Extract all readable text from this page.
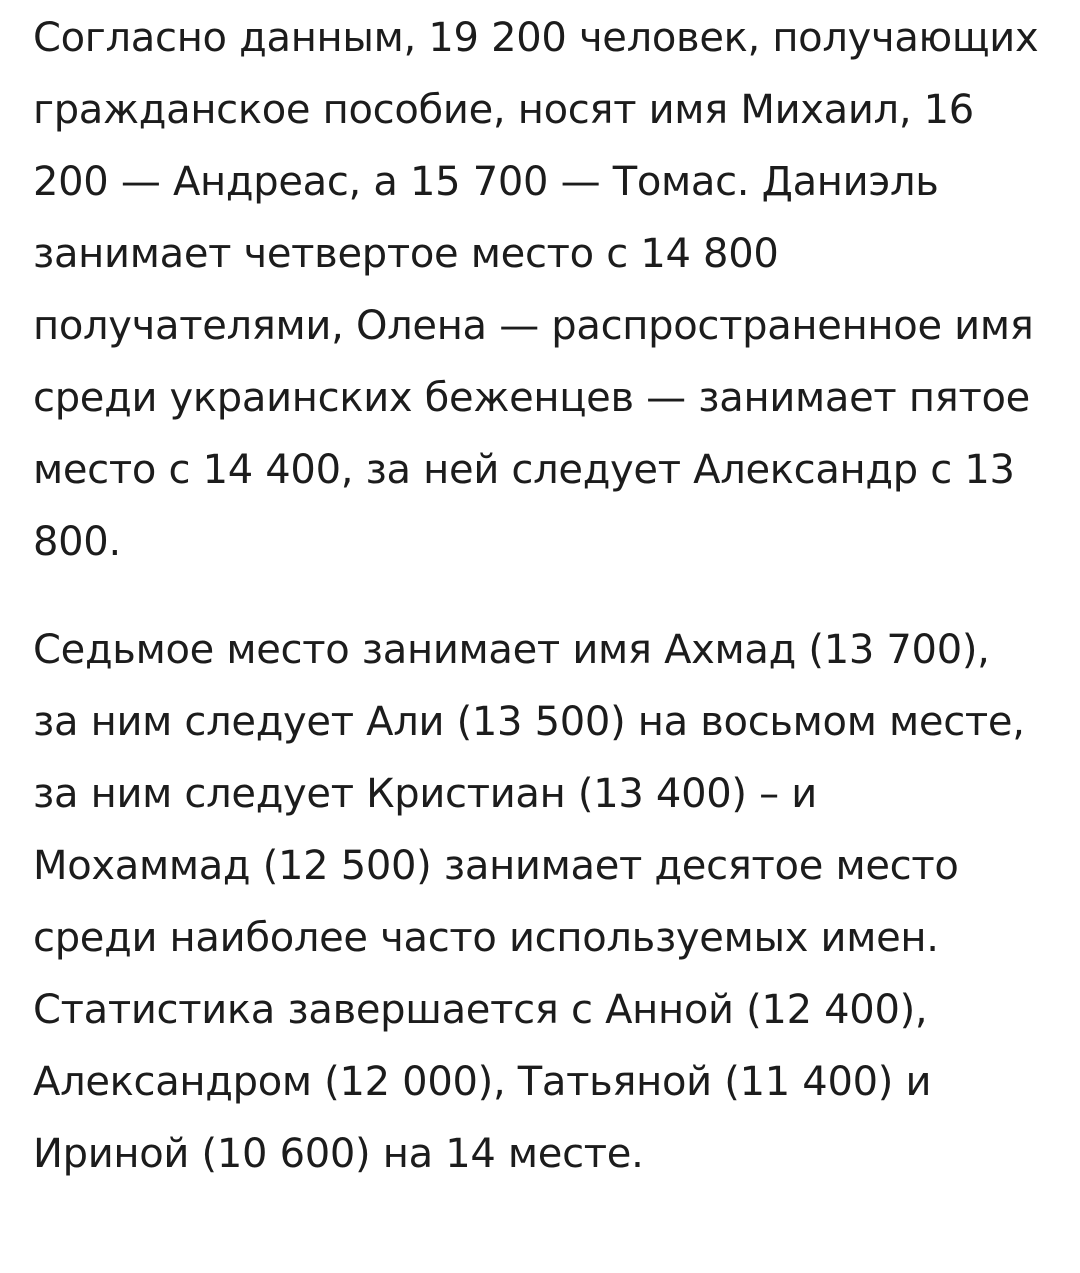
Согласно данным, 19 200 человек, получающих гражданское пособие, носят имя Михаил, 16 200 — Андреас, а 15 700 — Томас. Даниэль занимает четвертое место с 14 800 получателями, Олена — распространенное имя среди украинских беженцев — занимает пятое место с 14 400, за ней следует Александр с 13 800.

Седьмое место занимает имя Ахмад (13 700), за ним следует Али (13 500) на восьмом месте, за ним следует Кристиан (13 400) – и Мохаммад (12 500) занимает десятое место среди наиболее часто используемых имен. Статистика завершается с Анной (12 400), Александром (12 000), Татьяной (11 400) и Ириной (10 600) на 14 месте.
